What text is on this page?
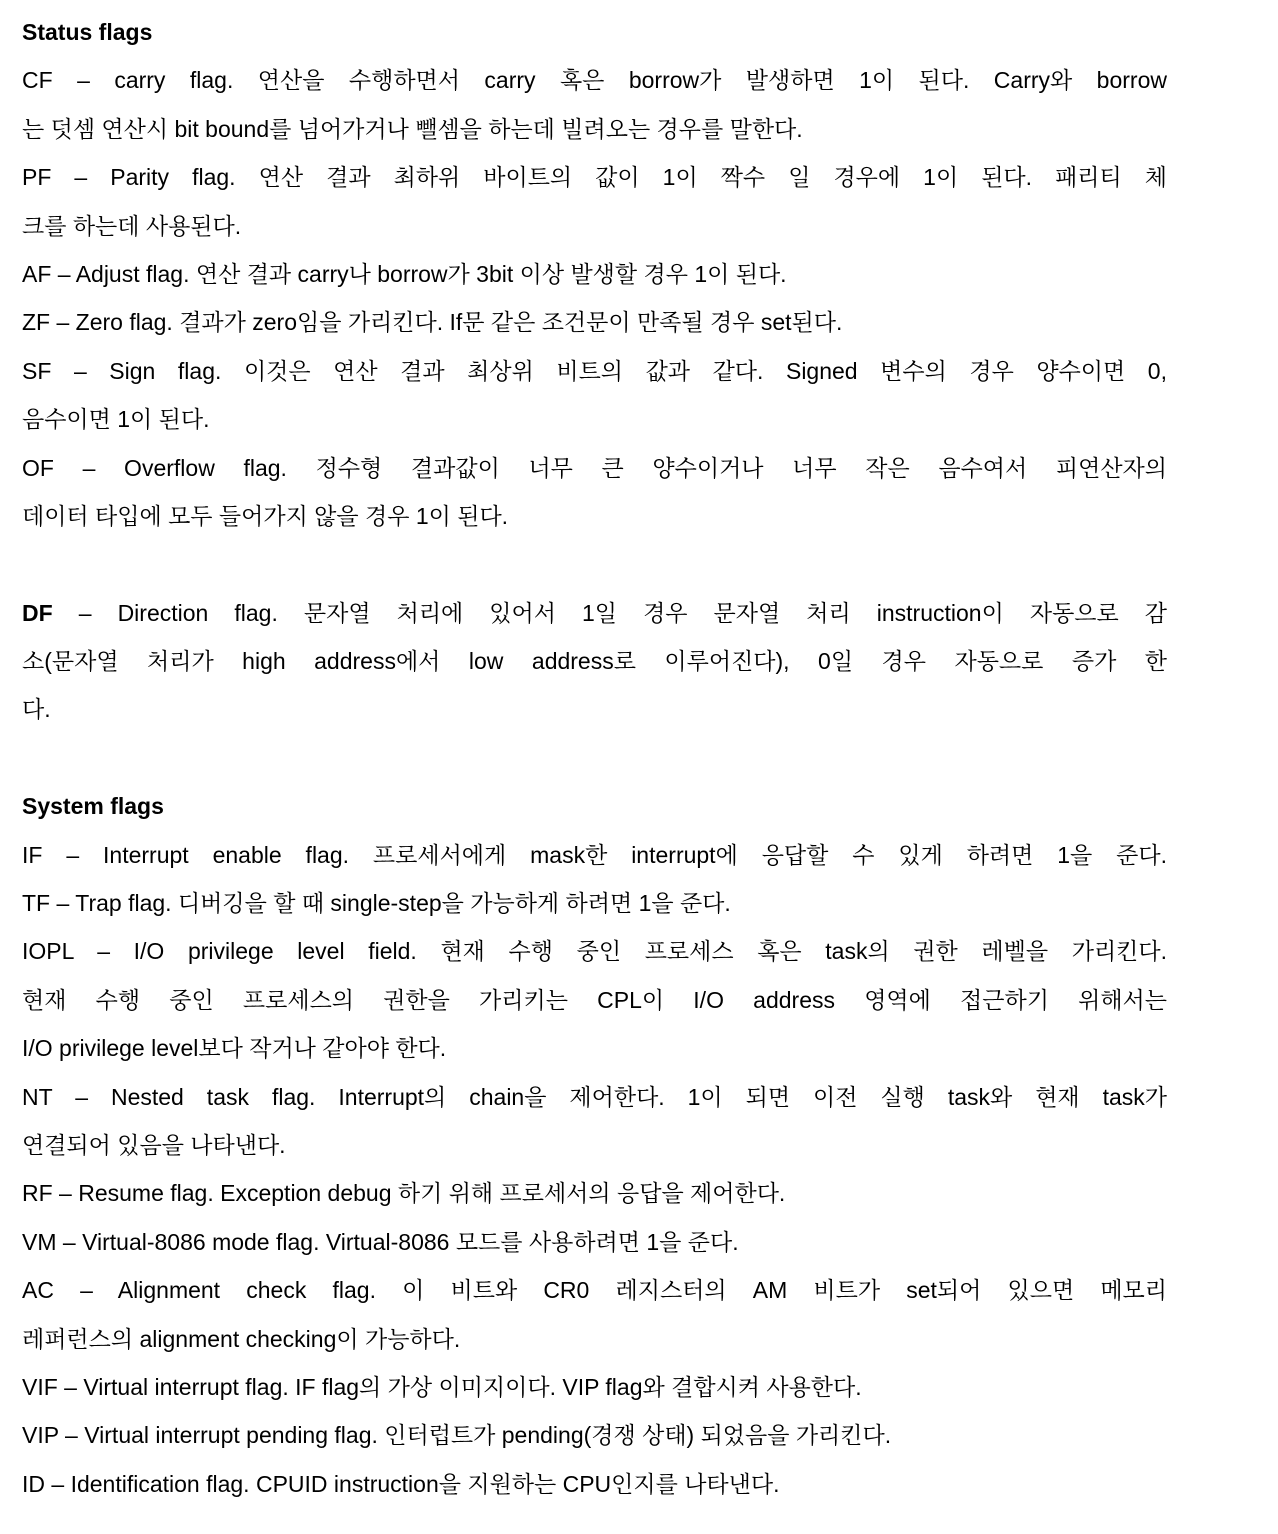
Status flags
CF – carry flag. 연산을 수행하면서 carry 혹은 borrow가 발생하면 1이 된다. Carry와 borrow
는 덧셈 연산시 bit bound를 넘어가거나 뺄셈을 하는데 빌려오는 경우를 말한다.
PF – Parity flag. 연산 결과 최하위 바이트의 값이 1이 짝수 일 경우에 1이 된다. 패리티 체
크를 하는데 사용된다.
AF – Adjust flag. 연산 결과 carry나 borrow가 3bit 이상 발생할 경우 1이 된다.
ZF – Zero flag. 결과가 zero임을 가리킨다. If문 같은 조건문이 만족될 경우 set된다.
SF – Sign flag. 이것은 연산 결과 최상위 비트의 값과 같다. Signed 변수의 경우 양수이면 0,
음수이면 1이 된다.
OF – Overflow flag. 정수형 결과값이 너무 큰 양수이거나 너무 작은 음수여서 피연산자의
데이터 타입에 모두 들어가지 않을 경우 1이 된다.
DF – Direction flag. 문자열 처리에 있어서 1일 경우 문자열 처리 instruction이 자동으로 감
소(문자열 처리가 high address에서 low address로 이루어진다), 0일 경우 자동으로 증가 한
다.
System flags
IF – Interrupt enable flag. 프로세서에게 mask한 interrupt에 응답할 수 있게 하려면 1을 준다.
TF – Trap flag. 디버깅을 할 때 single-step을 가능하게 하려면 1을 준다.
IOPL – I/O privilege level field. 현재 수행 중인 프로세스 혹은 task의 권한 레벨을 가리킨다.
현재 수행 중인 프로세스의 권한을 가리키는 CPL이 I/O address 영역에 접근하기 위해서는
I/O privilege level보다 작거나 같아야 한다.
NT – Nested task flag. Interrupt의 chain을 제어한다. 1이 되면 이전 실행 task와 현재 task가
연결되어 있음을 나타낸다.
RF – Resume flag. Exception debug 하기 위해 프로세서의 응답을 제어한다.
VM – Virtual-8086 mode flag. Virtual-8086 모드를 사용하려면 1을 준다.
AC – Alignment check flag. 이 비트와 CR0 레지스터의 AM 비트가 set되어 있으면 메모리
레퍼런스의 alignment checking이 가능하다.
VIF – Virtual interrupt flag. IF flag의 가상 이미지이다. VIP flag와 결합시켜 사용한다.
VIP – Virtual interrupt pending flag. 인터럽트가 pending(경쟁 상태) 되었음을 가리킨다.
ID – Identification flag. CPUID instruction을 지원하는 CPU인지를 나타낸다.
